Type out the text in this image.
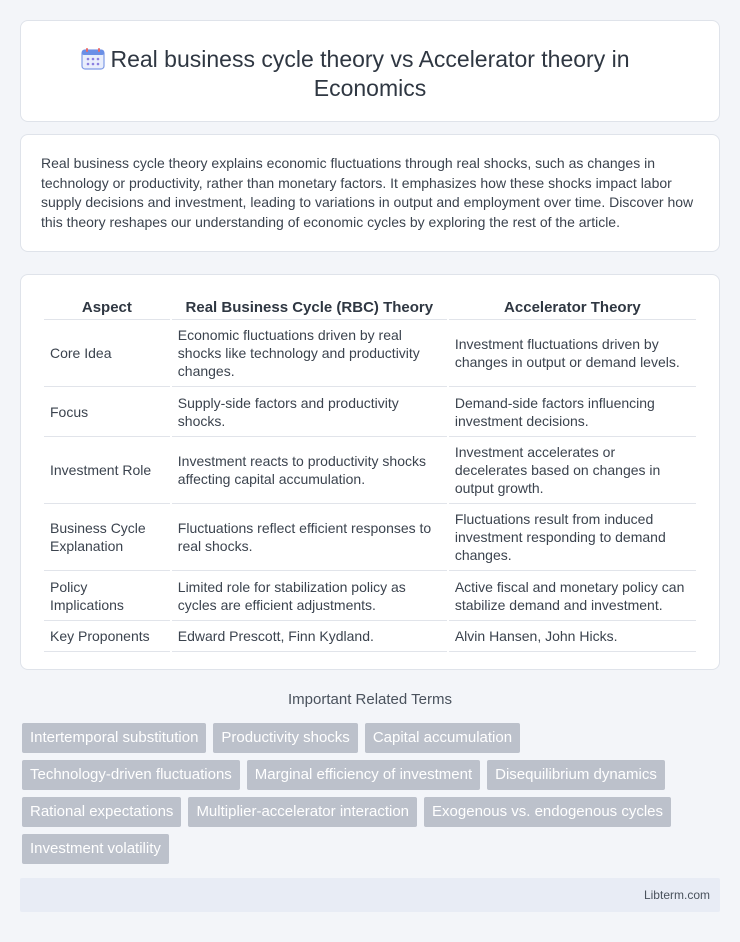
Real business cycle theory vs Accelerator theory in Economics

Real business cycle theory explains economic fluctuations through real shocks, such as changes in technology or productivity, rather than monetary factors. It emphasizes how these shocks impact labor supply decisions and investment, leading to variations in output and employment over time. Discover how this theory reshapes our understanding of economic cycles by exploring the rest of the article.

Aspect	Real Business Cycle (RBC) Theory	Accelerator Theory
Core Idea	Economic fluctuations driven by real shocks like technology and productivity changes.	Investment fluctuations driven by changes in output or demand levels.
Focus	Supply-side factors and productivity shocks.	Demand-side factors influencing investment decisions.
Investment Role	Investment reacts to productivity shocks affecting capital accumulation.	Investment accelerates or decelerates based on changes in output growth.
Business Cycle Explanation	Fluctuations reflect efficient responses to real shocks.	Fluctuations result from induced investment responding to demand changes.
Policy Implications	Limited role for stabilization policy as cycles are efficient adjustments.	Active fiscal and monetary policy can stabilize demand and investment.
Key Proponents	Edward Prescott, Finn Kydland.	Alvin Hansen, John Hicks.
Important Related Terms
Intertemporal substitution	Productivity shocks	Capital accumulation
Technology-driven fluctuations	Marginal efficiency of investment	Disequilibrium dynamics
Rational expectations	Multiplier-accelerator interaction	Exogenous vs. endogenous cycles
Investment volatility
Libterm.com
